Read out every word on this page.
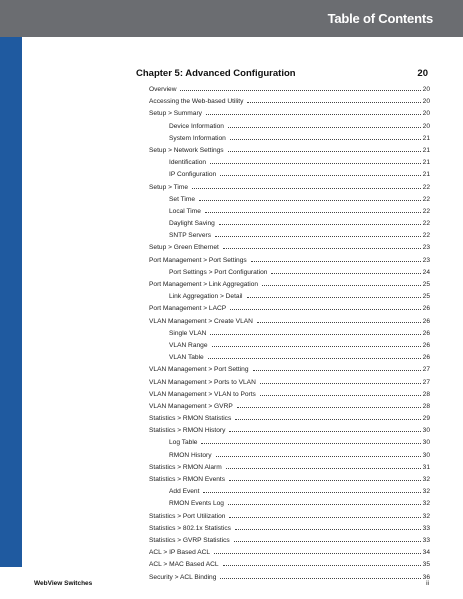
Table of Contents
Chapter 5: Advanced Configuration	20
Overview	20
Accessing the Web-based Utility	20
Setup > Summary	20
Device Information	20
System Information	21
Setup > Network Settings	21
Identification	21
IP Configuration	21
Setup > Time	22
Set Time	22
Local Time	22
Daylight Saving	22
SNTP Servers	22
Setup > Green Ethernet	23
Port Management > Port Settings	23
Port Settings > Port Configuration	24
Port Management > Link Aggregation	25
Link Aggregation > Detail	25
Port Management > LACP	26
VLAN Management > Create VLAN	26
Single VLAN	26
VLAN Range	26
VLAN Table	26
VLAN Management > Port Setting	27
VLAN Management > Ports to VLAN	27
VLAN Management > VLAN to Ports	28
VLAN Management > GVRP	28
Statistics > RMON Statistics	29
Statistics > RMON History	30
Log Table	30
RMON History	30
Statistics > RMON Alarm	31
Statistics > RMON Events	32
Add Event	32
RMON Events Log	32
Statistics > Port Utilization	32
Statistics > 802.1x Statistics	33
Statistics > GVRP Statistics	33
ACL > IP Based ACL	34
ACL > MAC Based ACL	35
Security > ACL Binding	36
WebView Switches	ii
